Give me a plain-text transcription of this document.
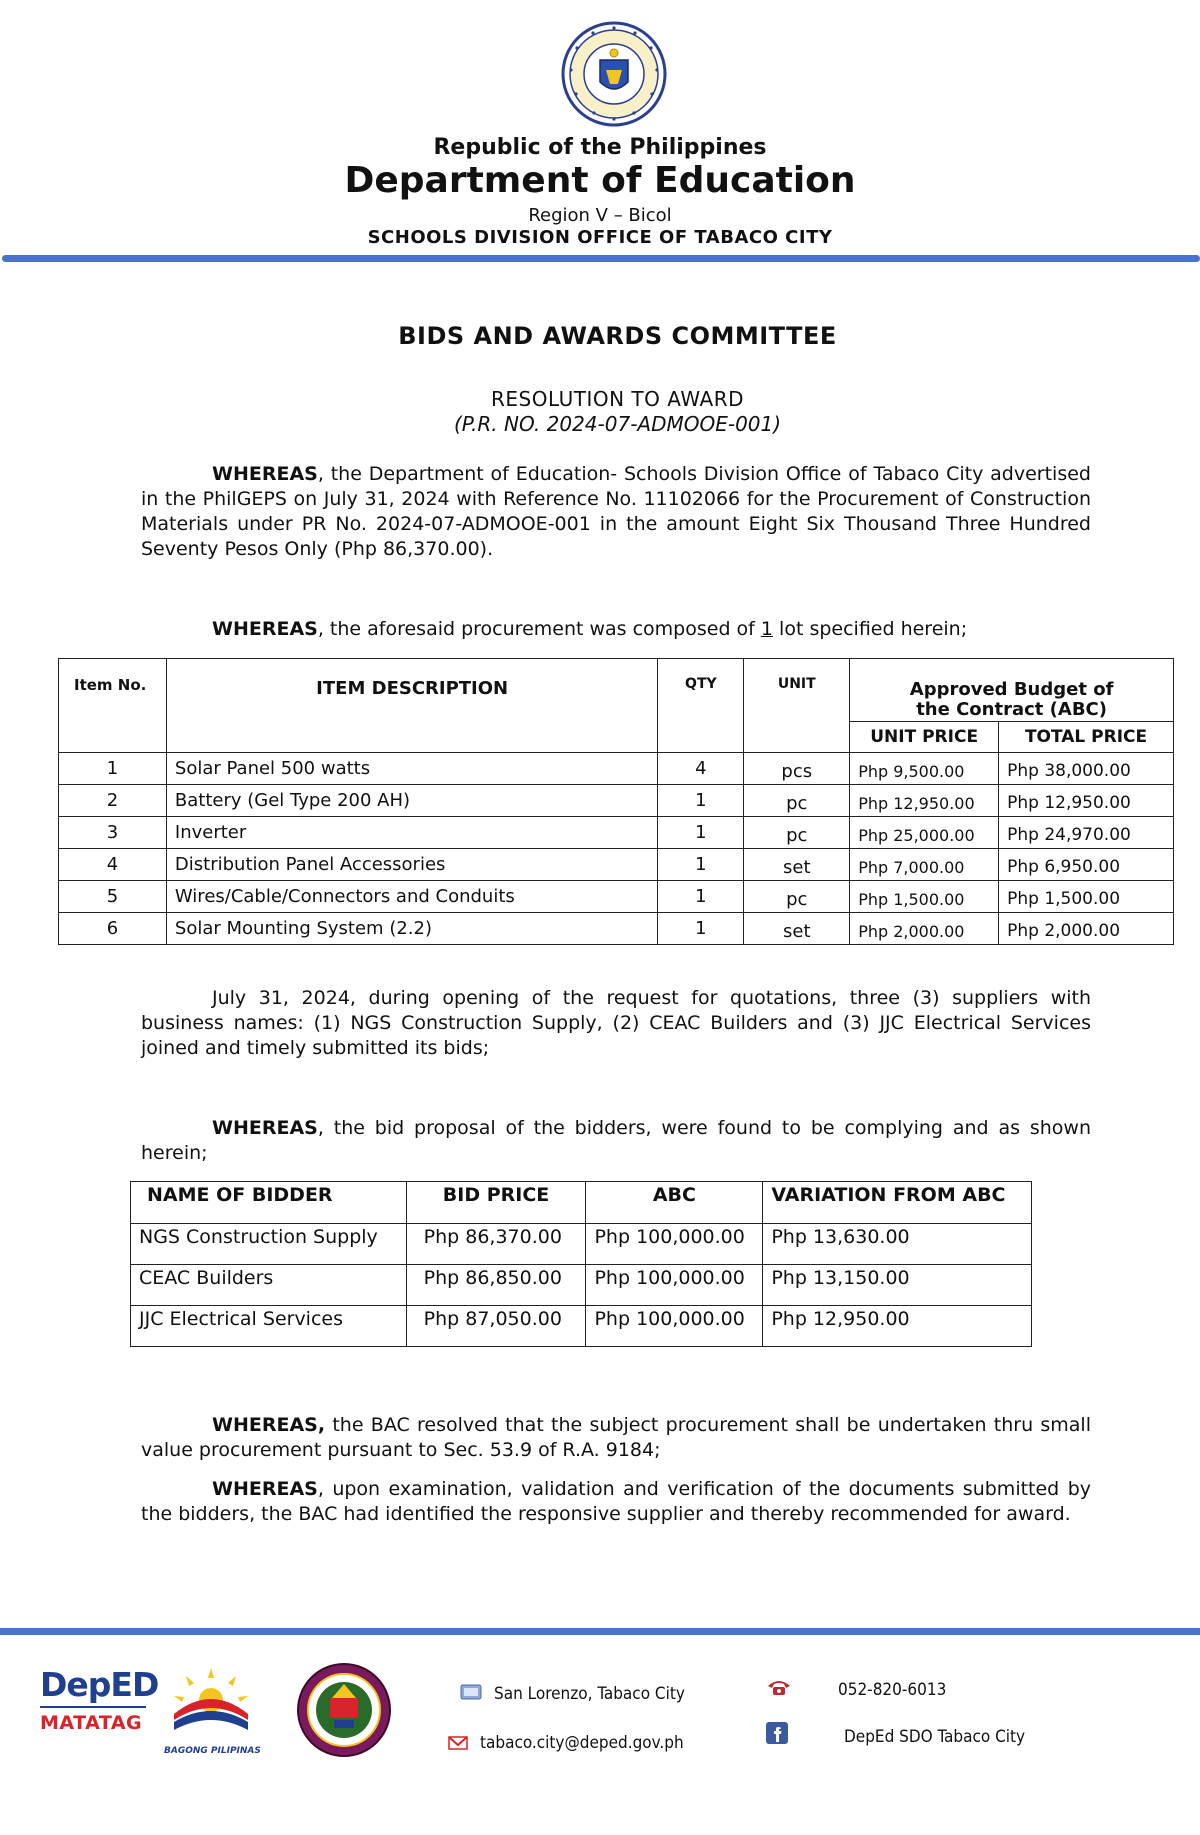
Republic of the Philippines
Department of Education
Region V – Bicol
SCHOOLS DIVISION OFFICE OF TABACO CITY
BIDS AND AWARDS COMMITTEE
RESOLUTION TO AWARD
(P.R. NO. 2024-07-ADMOOE-001)
WHEREAS, the Department of Education- Schools Division Office of Tabaco City advertised in the PhilGEPS on July 31, 2024 with Reference No. 11102066 for the Procurement of Construction Materials under PR No. 2024-07-ADMOOE-001 in the amount Eight Six Thousand Three Hundred Seventy Pesos Only (Php 86,370.00).
WHEREAS, the aforesaid procurement was composed of 1 lot specified herein;
Item No.	ITEM DESCRIPTION	QTY	UNIT	Approved Budget of the Contract (ABC)	
				UNIT PRICE	TOTAL PRICE
1	Solar Panel 500 watts	4	pcs	Php 9,500.00	Php 38,000.00
2	Battery (Gel Type 200 AH)	1	pc	Php 12,950.00	Php 12,950.00
3	Inverter	1	pc	Php 25,000.00	Php 24,970.00
4	Distribution Panel Accessories	1	set	Php 7,000.00	Php 6,950.00
5	Wires/Cable/Connectors and Conduits	1	pc	Php 1,500.00	Php 1,500.00
6	Solar Mounting System (2.2)	1	set	Php 2,000.00	Php 2,000.00
July 31, 2024, during opening of the request for quotations, three (3) suppliers with business names: (1) NGS Construction Supply, (2) CEAC Builders and (3) JJC Electrical Services joined and timely submitted its bids;
WHEREAS, the bid proposal of the bidders, were found to be complying and as shown herein;
NAME OF BIDDER	BID PRICE	ABC	VARIATION FROM ABC
NGS Construction Supply	Php 86,370.00	Php 100,000.00	Php 13,630.00
CEAC Builders	Php 86,850.00	Php 100,000.00	Php 13,150.00
JJC Electrical Services	Php 87,050.00	Php 100,000.00	Php 12,950.00
WHEREAS, the BAC resolved that the subject procurement shall be undertaken thru small value procurement pursuant to Sec. 53.9 of R.A. 9184;
WHEREAS, upon examination, validation and verification of the documents submitted by the bidders, the BAC had identified the responsive supplier and thereby recommended for award.
DepED
MATATAG
BAGONG PILIPINAS
San Lorenzo, Tabaco City
tabaco.city@deped.gov.ph
052-820-6013
DepEd SDO Tabaco City
